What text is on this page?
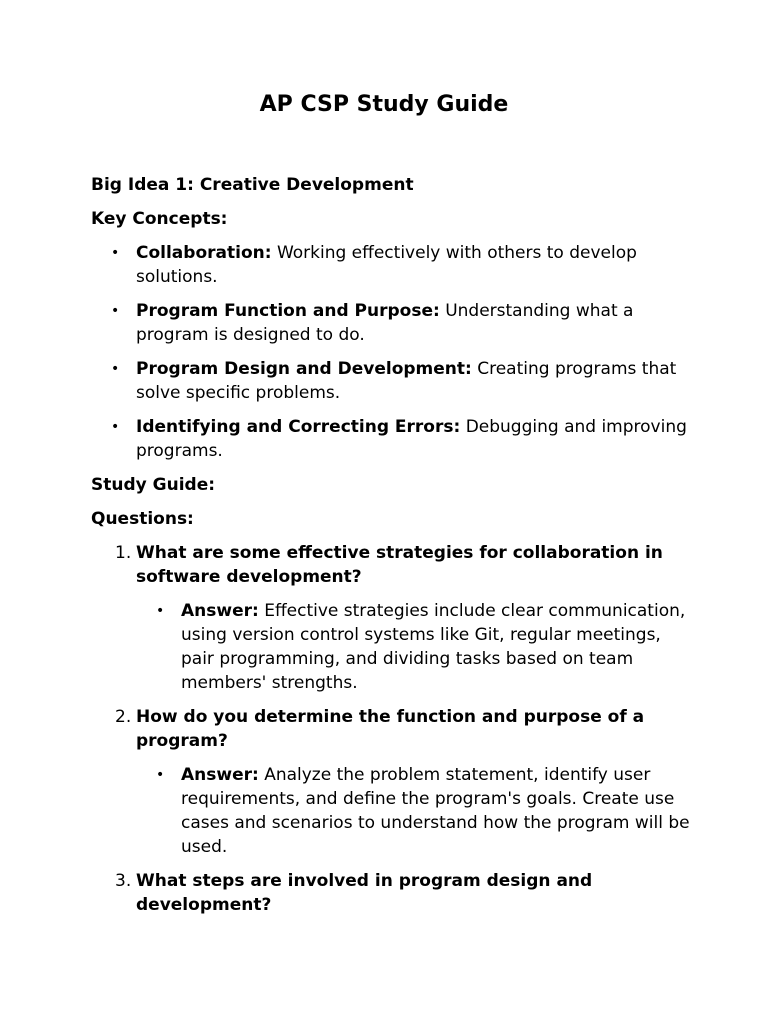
AP CSP Study Guide
Big Idea 1: Creative Development
Key Concepts:
• Collaboration: Working effectively with others to develop solutions.
• Program Function and Purpose: Understanding what a program is designed to do.
• Program Design and Development: Creating programs that solve specific problems.
• Identifying and Correcting Errors: Debugging and improving programs.
Study Guide:
Questions:
1. What are some effective strategies for collaboration in software development?
• Answer: Effective strategies include clear communication, using version control systems like Git, regular meetings, pair programming, and dividing tasks based on team members' strengths.
2. How do you determine the function and purpose of a program?
• Answer: Analyze the problem statement, identify user requirements, and define the program's goals. Create use cases and scenarios to understand how the program will be used.
3. What steps are involved in program design and development?
